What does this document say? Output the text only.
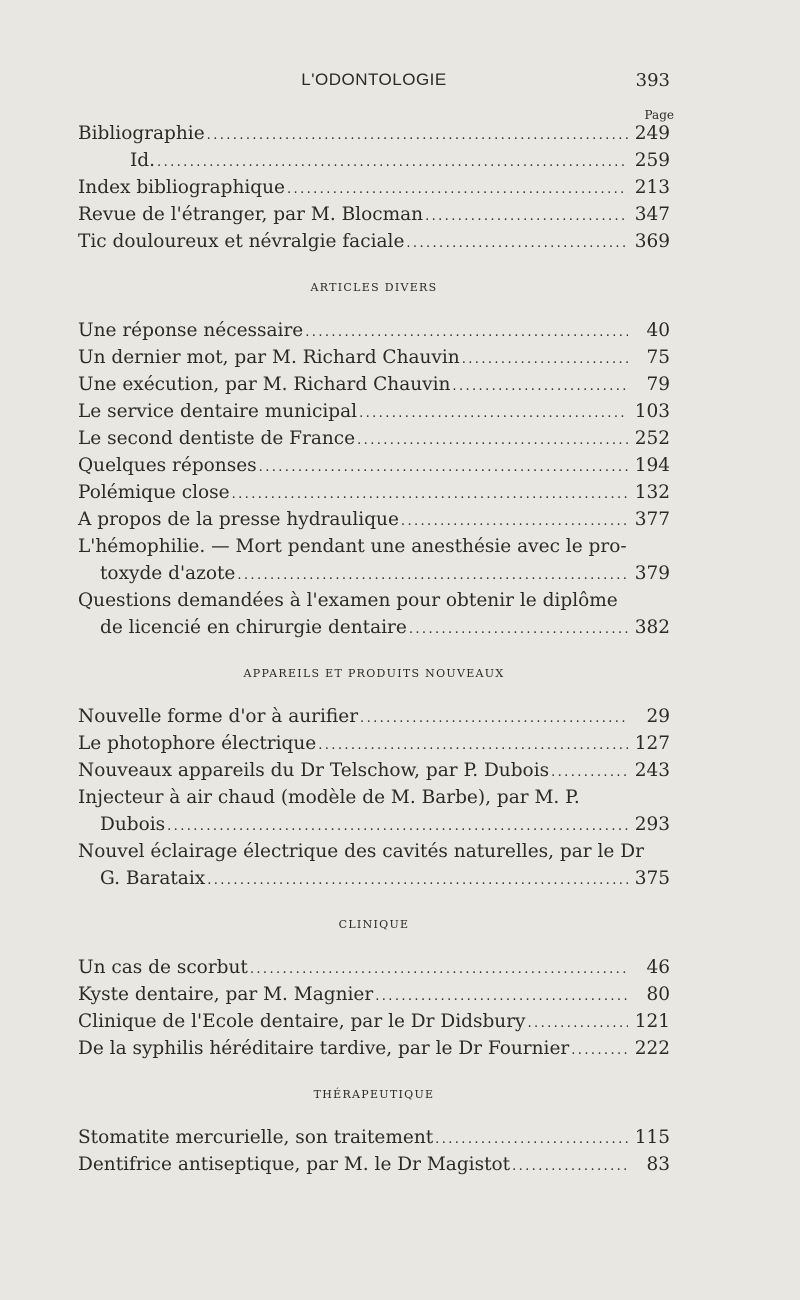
L'ODONTOLOGIE	393
Page
Bibliographie .....	249
Id. .....	259
Index bibliographique .....	213
Revue de l'étranger, par M. Blocman .....	347
Tic douloureux et névralgie faciale .....	369
ARTICLES DIVERS
Une réponse nécessaire .....	40
Un dernier mot, par M. Richard Chauvin .....	75
Une exécution, par M. Richard Chauvin .....	79
Le service dentaire municipal .....	103
Le second dentiste de France .....	252
Quelques réponses .....	194
Polémique close .....	132
A propos de la presse hydraulique .....	377
L'hémophilie. — Mort pendant une anesthésie avec le pro-
toxyde d'azote .....	379
Questions demandées à l'examen pour obtenir le diplôme
de licencié en chirurgie dentaire .....	382
APPAREILS ET PRODUITS NOUVEAUX
Nouvelle forme d'or à aurifier .....	29
Le photophore électrique .....	127
Nouveaux appareils du Dr Telschow, par P. Dubois .....	243
Injecteur à air chaud (modèle de M. Barbe), par M. P.
Dubois .....	293
Nouvel éclairage électrique des cavités naturelles, par le Dr
G. Barataix .....	375
CLINIQUE
Un cas de scorbut .....	46
Kyste dentaire, par M. Magnier .....	80
Clinique de l'Ecole dentaire, par le Dr Didsbury .....	121
De la syphilis héréditaire tardive, par le Dr Fournier .....	222
THÉRAPEUTIQUE
Stomatite mercurielle, son traitement .....	115
Dentifrice antiseptique, par M. le Dr Magistot .....	83
